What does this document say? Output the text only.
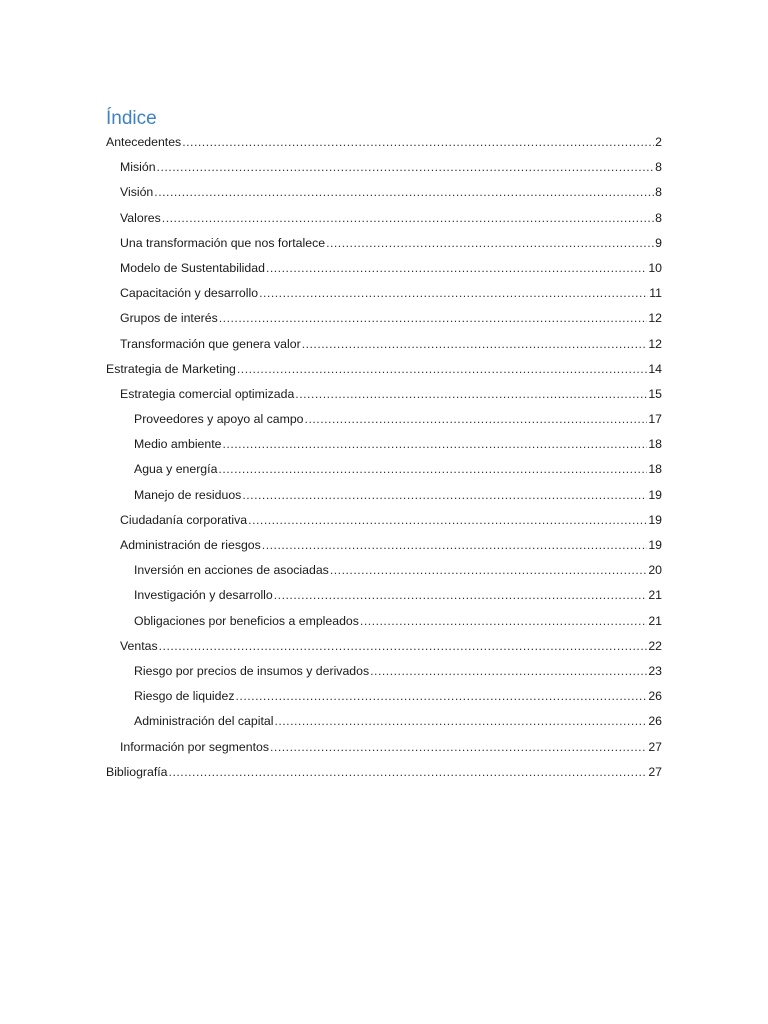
Índice
Antecedentes .....	2
Misión .....	8
Visión .....	8
Valores .....	8
Una transformación que nos fortalece .....	9
Modelo de Sustentabilidad .....	10
Capacitación y desarrollo .....	11
Grupos de interés .....	12
Transformación que genera valor .....	12
Estrategia de Marketing .....	14
Estrategia comercial optimizada .....	15
Proveedores y apoyo al campo .....	17
Medio ambiente .....	18
Agua y energía .....	18
Manejo de residuos .....	19
Ciudadanía corporativa .....	19
Administración de riesgos .....	19
Inversión en acciones de asociadas .....	20
Investigación y desarrollo .....	21
Obligaciones por beneficios a empleados .....	21
Ventas .....	22
Riesgo por precios de insumos y derivados .....	23
Riesgo de liquidez .....	26
Administración del capital .....	26
Información por segmentos .....	27
Bibliografía .....	27
